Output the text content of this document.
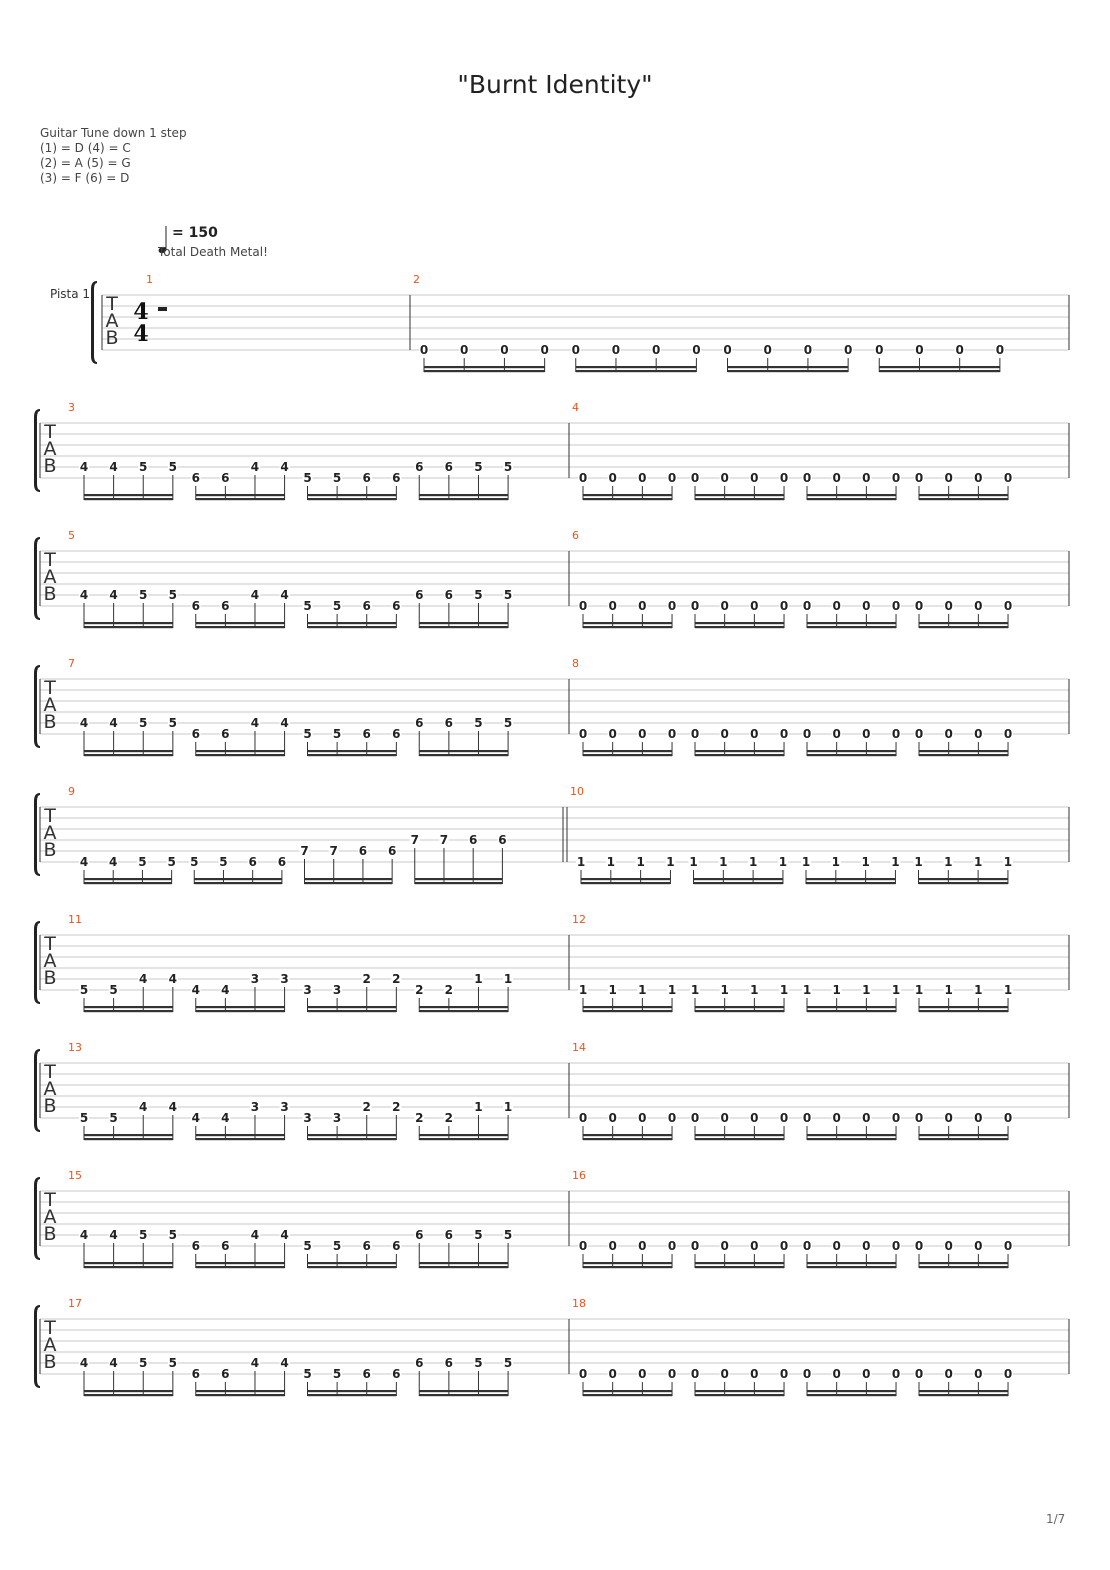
"Burnt Identity"
Guitar Tune down 1 step
(1) = D (4) = C
(2) = A (5) = G
(3) = F (6) = D
= 150
Total Death Metal!
Pista 1 T
A
B
1
4
4
2
0	0	0	0 0	0	0	0 0	0	0	0 0	0	0	0
T
A
B
3
4 4 5 5
6 6
4 4
5 5 6 6
6 6 5 5
4
0 0 0 0 0 0 0 0 0 0 0 0 0 0 0 0
T
A
B
5
4 4 5 5
6 6
4 4
5 5 6 6
6 6 5 5
6
0 0 0 0 0 0 0 0 0 0 0 0 0 0 0 0
T
A
B
7
4 4 5 5
6 6
4 4
5 5 6 6
6 6 5 5
8
0 0 0 0 0 0 0 0 0 0 0 0 0 0 0 0
T
A
B
9
4 4 5 5 5 5 6 6
7 7 6 6
7 7 6 6
10
1 1 1 1 1 1 1 1 1 1 1 1 1 1 1 1
T
A
B
11
5 5
4 4
4 4
3 3
3 3
2 2
2 2
1 1
12
1 1 1 1 1 1 1 1 1 1 1 1 1 1 1 1
T
A
B
13
5 5
4 4
4 4
3 3
3 3
2 2
2 2
1 1
14
0 0 0 0 0 0 0 0 0 0 0 0 0 0 0 0
T
A
B
15
4 4 5 5
6 6
4 4
5 5 6 6
6 6 5 5
16
0 0 0 0 0 0 0 0 0 0 0 0 0 0 0 0
T
A
B
17
4 4 5 5
6 6
4 4
5 5 6 6
6 6 5 5
18
0 0 0 0 0 0 0 0 0 0 0 0 0 0 0 0
1/7
